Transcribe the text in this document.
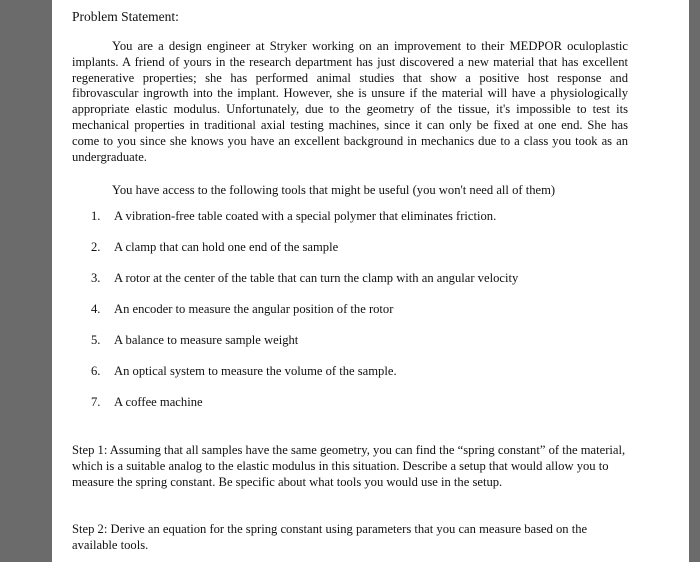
Problem Statement:
You are a design engineer at Stryker working on an improvement to their MEDPOR oculoplastic implants. A friend of yours in the research department has just discovered a new material that has excellent regenerative properties; she has performed animal studies that show a positive host response and fibrovascular ingrowth into the implant. However, she is unsure if the material will have a physiologically appropriate elastic modulus. Unfortunately, due to the geometry of the tissue, it's impossible to test its mechanical properties in traditional axial testing machines, since it can only be fixed at one end. She has come to you since she knows you have an excellent background in mechanics due to a class you took as an undergraduate.
You have access to the following tools that might be useful (you won't need all of them)
1. A vibration-free table coated with a special polymer that eliminates friction.
2. A clamp that can hold one end of the sample
3. A rotor at the center of the table that can turn the clamp with an angular velocity
4. An encoder to measure the angular position of the rotor
5. A balance to measure sample weight
6. An optical system to measure the volume of the sample.
7. A coffee machine
Step 1: Assuming that all samples have the same geometry, you can find the “spring constant” of the material, which is a suitable analog to the elastic modulus in this situation. Describe a setup that would allow you to measure the spring constant. Be specific about what tools you would use in the setup.
Step 2: Derive an equation for the spring constant using parameters that you can measure based on the available tools.
